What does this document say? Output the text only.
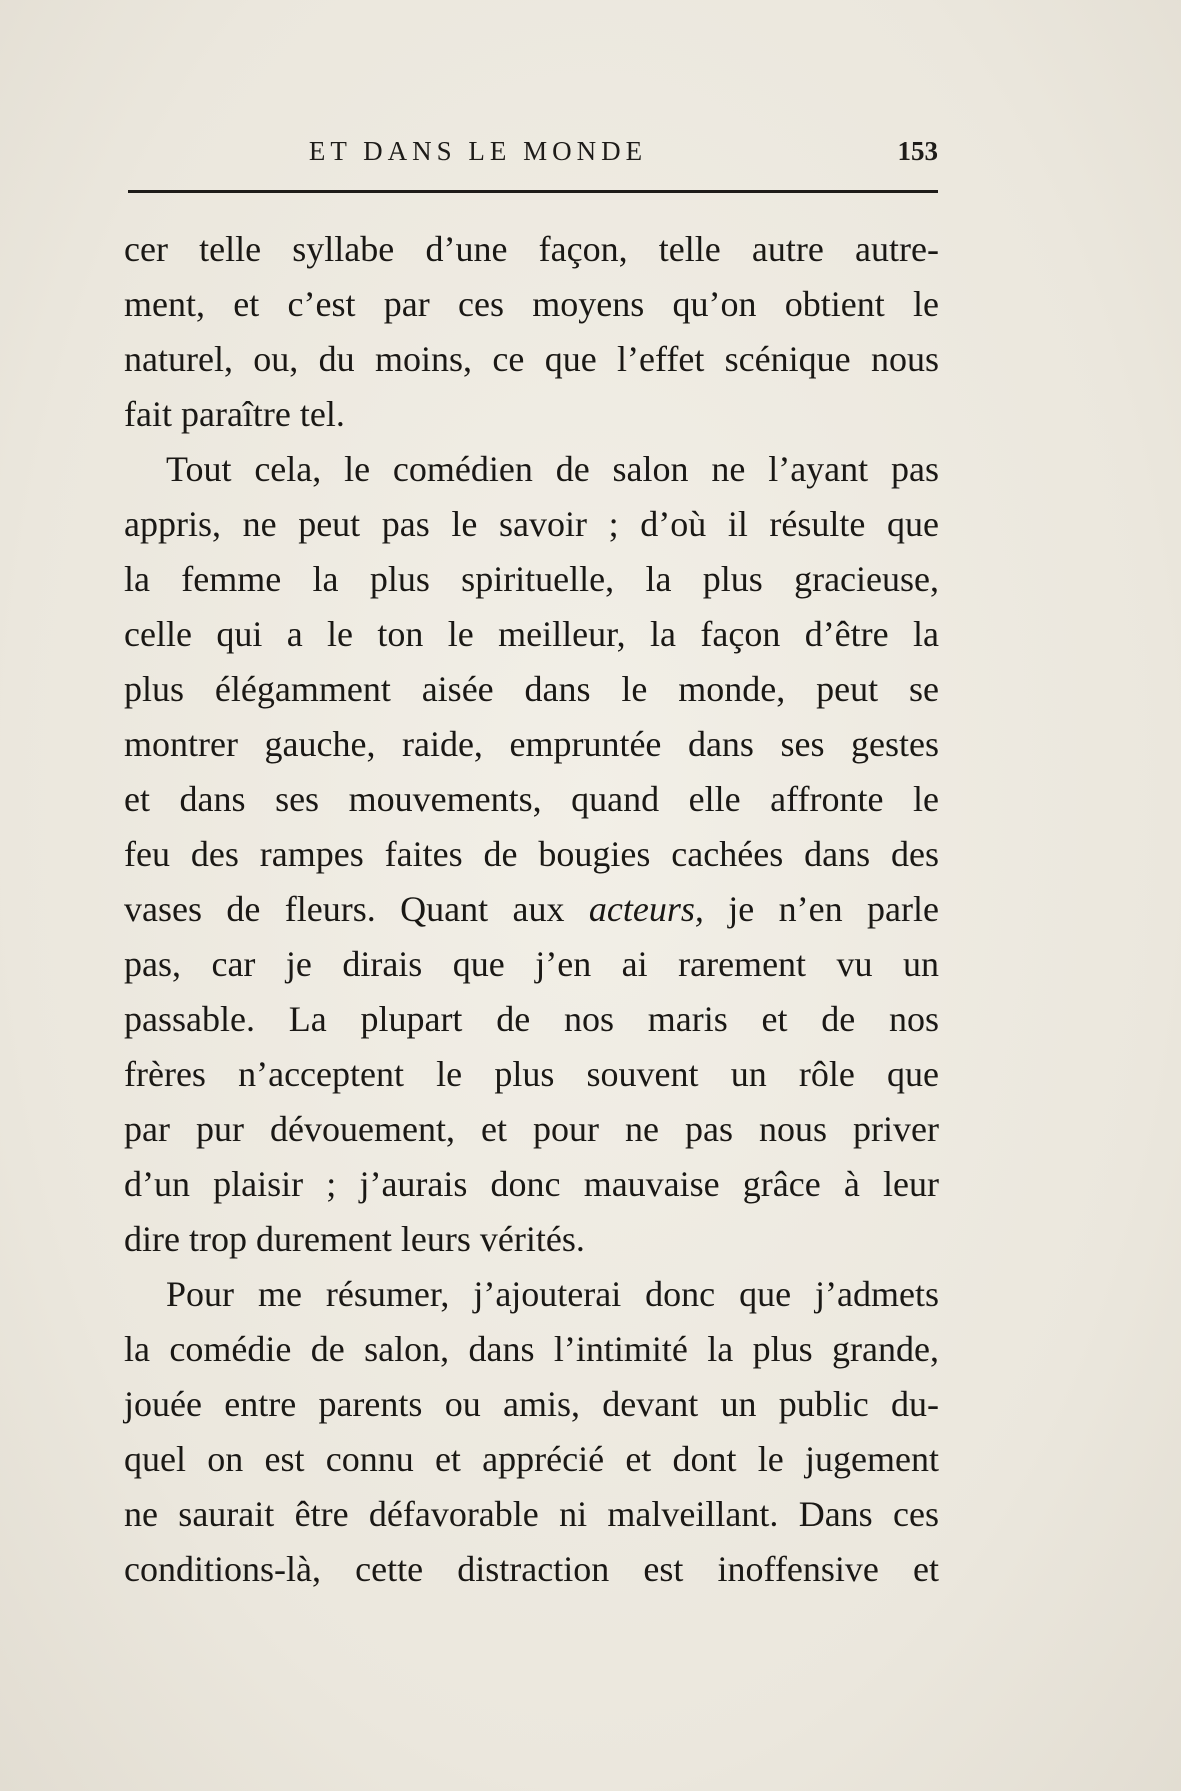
ET DANS LE MONDE	153
cer telle syllabe d’une façon, telle autre autre-
ment, et c’est par ces moyens qu’on obtient le
naturel, ou, du moins, ce que l’effet scénique nous
fait paraître tel.
Tout cela, le comédien de salon ne l’ayant pas
appris, ne peut pas le savoir ; d’où il résulte que
la femme la plus spirituelle, la plus gracieuse,
celle qui a le ton le meilleur, la façon d’être la
plus élégamment aisée dans le monde, peut se
montrer gauche, raide, empruntée dans ses gestes
et dans ses mouvements, quand elle affronte le
feu des rampes faites de bougies cachées dans des
vases de fleurs. Quant aux acteurs, je n’en parle
pas, car je dirais que j’en ai rarement vu un
passable. La plupart de nos maris et de nos
frères n’acceptent le plus souvent un rôle que
par pur dévouement, et pour ne pas nous priver
d’un plaisir ; j’aurais donc mauvaise grâce à leur
dire trop durement leurs vérités.
Pour me résumer, j’ajouterai donc que j’admets
la comédie de salon, dans l’intimité la plus grande,
jouée entre parents ou amis, devant un public du-
quel on est connu et apprécié et dont le jugement
ne saurait être défavorable ni malveillant. Dans ces
conditions-là, cette distraction est inoffensive et
